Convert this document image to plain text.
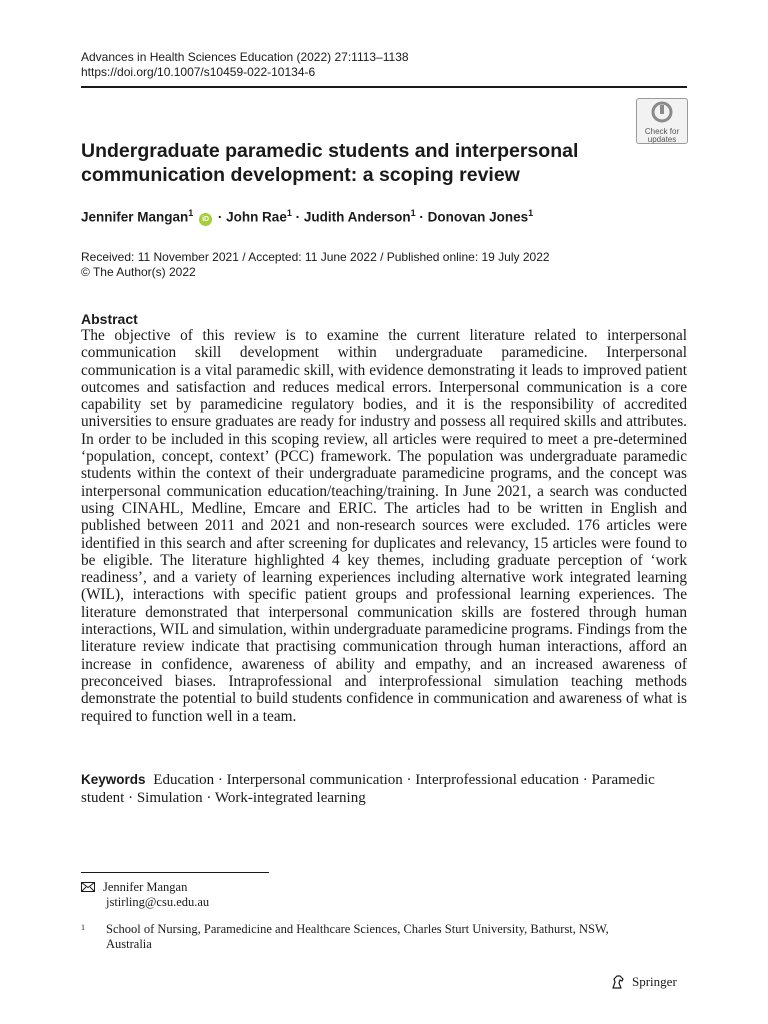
Advances in Health Sciences Education (2022) 27:1113–1138
https://doi.org/10.1007/s10459-022-10134-6
Check for
updates
Undergraduate paramedic students and interpersonal communication development: a scoping review
Jennifer Mangan$^1$ iD · John Rae$^1$ · Judith Anderson$^1$ · Donovan Jones$^1$
Received: 11 November 2021 / Accepted: 11 June 2022 / Published online: 19 July 2022
© The Author(s) 2022
Abstract
The objective of this review is to examine the current literature related to interpersonal communication skill development within undergraduate paramedicine. Interpersonal communication is a vital paramedic skill, with evidence demonstrating it leads to improved patient outcomes and satisfaction and reduces medical errors. Interpersonal communication is a core capability set by paramedicine regulatory bodies, and it is the responsibility of accredited universities to ensure graduates are ready for industry and possess all required skills and attributes. In order to be included in this scoping review, all articles were required to meet a pre-determined ‘population, concept, context’ (PCC) framework. The population was undergraduate paramedic students within the context of their undergraduate paramedicine programs, and the concept was interpersonal communication education/teaching/training. In June 2021, a search was conducted using CINAHL, Medline, Emcare and ERIC. The articles had to be written in English and published between 2011 and 2021 and non-research sources were excluded. 176 articles were identified in this search and after screening for duplicates and relevancy, 15 articles were found to be eligible. The literature highlighted 4 key themes, including graduate perception of ‘work readiness’, and a variety of learning experiences including alternative work integrated learning (WIL), interactions with specific patient groups and professional learning experiences. The literature demonstrated that interpersonal communication skills are fostered through human interactions, WIL and simulation, within undergraduate paramedicine programs. Findings from the literature review indicate that practising communication through human interactions, afford an increase in confidence, awareness of ability and empathy, and an increased awareness of preconceived biases. Intraprofessional and interprofessional simulation teaching methods demonstrate the potential to build students confidence in communication and awareness of what is required to function well in a team.
Keywords Education · Interpersonal communication · Interprofessional education · Paramedic student · Simulation · Work-integrated learning
Jennifer Mangan
jstirling@csu.edu.au
1 School of Nursing, Paramedicine and Healthcare Sciences, Charles Sturt University, Bathurst, NSW, Australia
Springer
